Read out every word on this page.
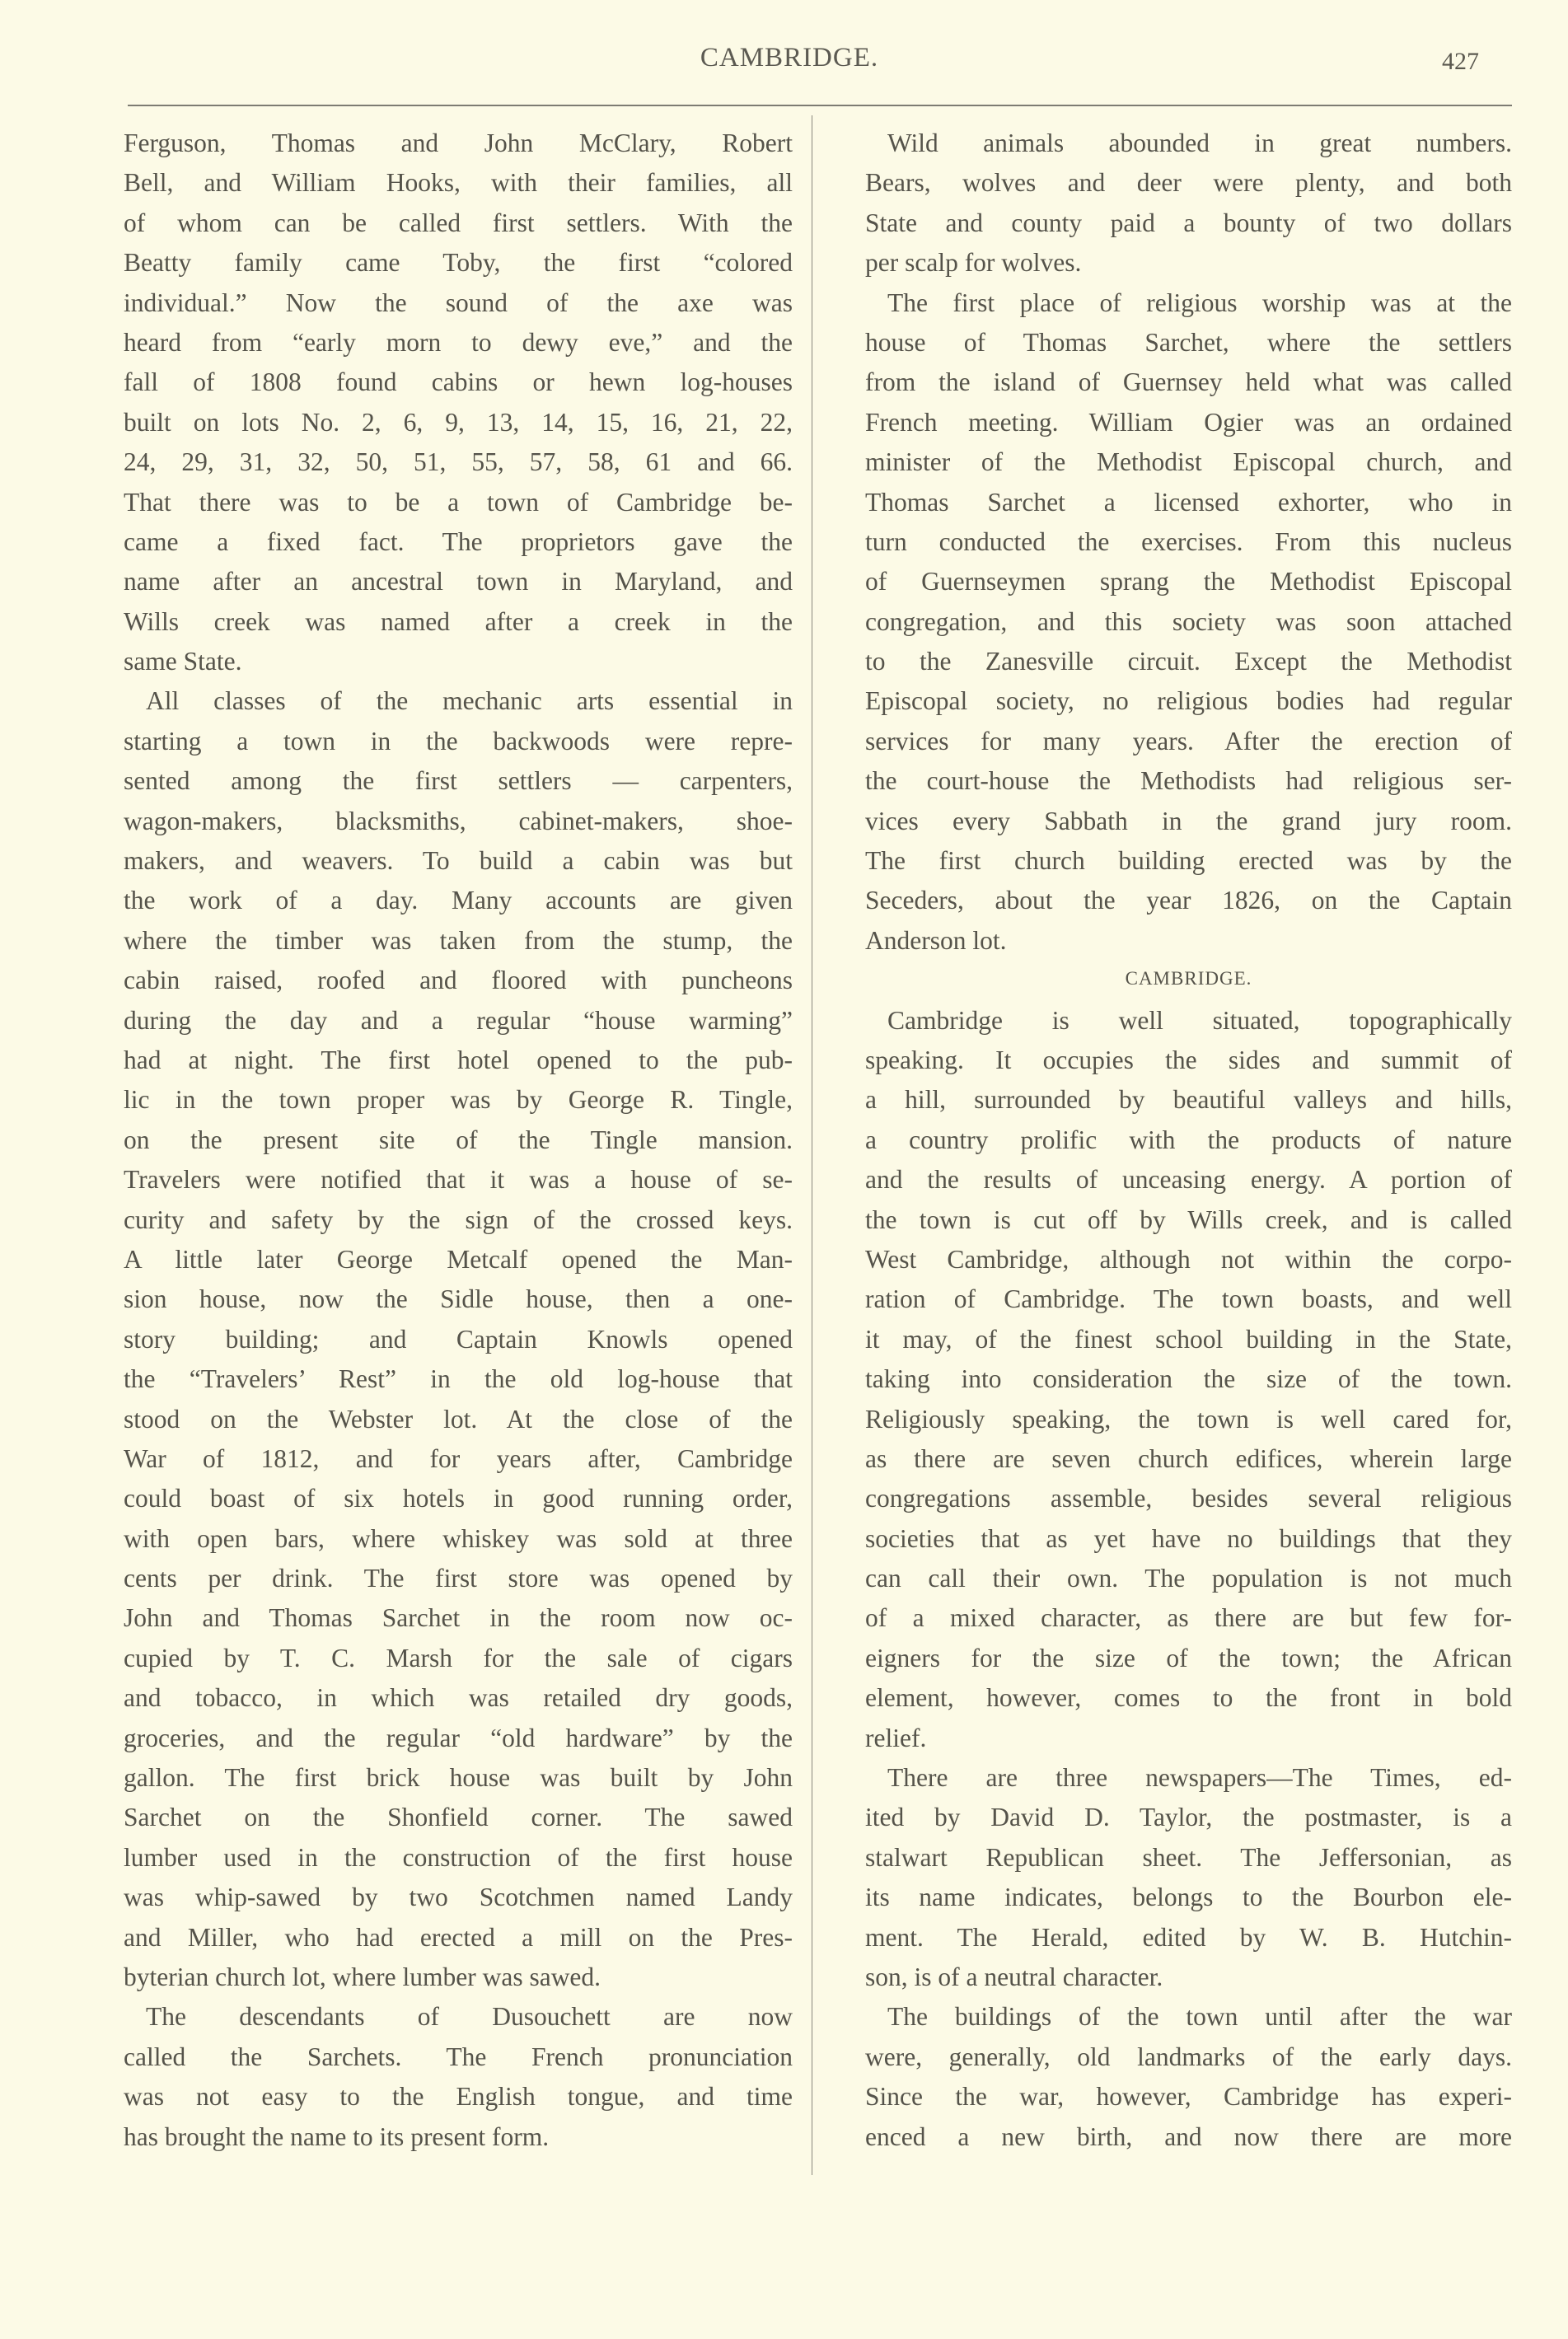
CAMBRIDGE.	427
Ferguson, Thomas and John McClary, Robert
Bell, and William Hooks, with their families, all
of whom can be called first settlers. With the
Beatty family came Toby, the first “colored
individual.” Now the sound of the axe was
heard from “early morn to dewy eve,” and the
fall of 1808 found cabins or hewn log-houses
built on lots No. 2, 6, 9, 13, 14, 15, 16, 21, 22,
24, 29, 31, 32, 50, 51, 55, 57, 58, 61 and 66.
That there was to be a town of Cambridge be-
came a fixed fact. The proprietors gave the
name after an ancestral town in Maryland, and
Wills creek was named after a creek in the
same State.
All classes of the mechanic arts essential in
starting a town in the backwoods were repre-
sented among the first settlers — carpenters,
wagon-makers, blacksmiths, cabinet-makers, shoe-
makers, and weavers. To build a cabin was but
the work of a day. Many accounts are given
where the timber was taken from the stump, the
cabin raised, roofed and floored with puncheons
during the day and a regular “house warming”
had at night. The first hotel opened to the pub-
lic in the town proper was by George R. Tingle,
on the present site of the Tingle mansion.
Travelers were notified that it was a house of se-
curity and safety by the sign of the crossed keys.
A little later George Metcalf opened the Man-
sion house, now the Sidle house, then a one-
story building; and Captain Knowls opened
the “Travelers’ Rest” in the old log-house that
stood on the Webster lot. At the close of the
War of 1812, and for years after, Cambridge
could boast of six hotels in good running order,
with open bars, where whiskey was sold at three
cents per drink. The first store was opened by
John and Thomas Sarchet in the room now oc-
cupied by T. C. Marsh for the sale of cigars
and tobacco, in which was retailed dry goods,
groceries, and the regular “old hardware” by the
gallon. The first brick house was built by John
Sarchet on the Shonfield corner. The sawed
lumber used in the construction of the first house
was whip-sawed by two Scotchmen named Landy
and Miller, who had erected a mill on the Pres-
byterian church lot, where lumber was sawed.
The descendants of Dusouchett are now
called the Sarchets. The French pronunciation
was not easy to the English tongue, and time
has brought the name to its present form.
Wild animals abounded in great numbers.
Bears, wolves and deer were plenty, and both
State and county paid a bounty of two dollars
per scalp for wolves.
The first place of religious worship was at the
house of Thomas Sarchet, where the settlers
from the island of Guernsey held what was called
French meeting. William Ogier was an ordained
minister of the Methodist Episcopal church, and
Thomas Sarchet a licensed exhorter, who in
turn conducted the exercises. From this nucleus
of Guernseymen sprang the Methodist Episcopal
congregation, and this society was soon attached
to the Zanesville circuit. Except the Methodist
Episcopal society, no religious bodies had regular
services for many years. After the erection of
the court-house the Methodists had religious ser-
vices every Sabbath in the grand jury room.
The first church building erected was by the
Seceders, about the year 1826, on the Captain
Anderson lot.
CAMBRIDGE.
Cambridge is well situated, topographically
speaking. It occupies the sides and summit of
a hill, surrounded by beautiful valleys and hills,
a country prolific with the products of nature
and the results of unceasing energy. A portion of
the town is cut off by Wills creek, and is called
West Cambridge, although not within the corpo-
ration of Cambridge. The town boasts, and well
it may, of the finest school building in the State,
taking into consideration the size of the town.
Religiously speaking, the town is well cared for,
as there are seven church edifices, wherein large
congregations assemble, besides several religious
societies that as yet have no buildings that they
can call their own. The population is not much
of a mixed character, as there are but few for-
eigners for the size of the town; the African
element, however, comes to the front in bold
relief.
There are three newspapers—The Times, ed-
ited by David D. Taylor, the postmaster, is a
stalwart Republican sheet. The Jeffersonian, as
its name indicates, belongs to the Bourbon ele-
ment. The Herald, edited by W. B. Hutchin-
son, is of a neutral character.
The buildings of the town until after the war
were, generally, old landmarks of the early days.
Since the war, however, Cambridge has experi-
enced a new birth, and now there are more
